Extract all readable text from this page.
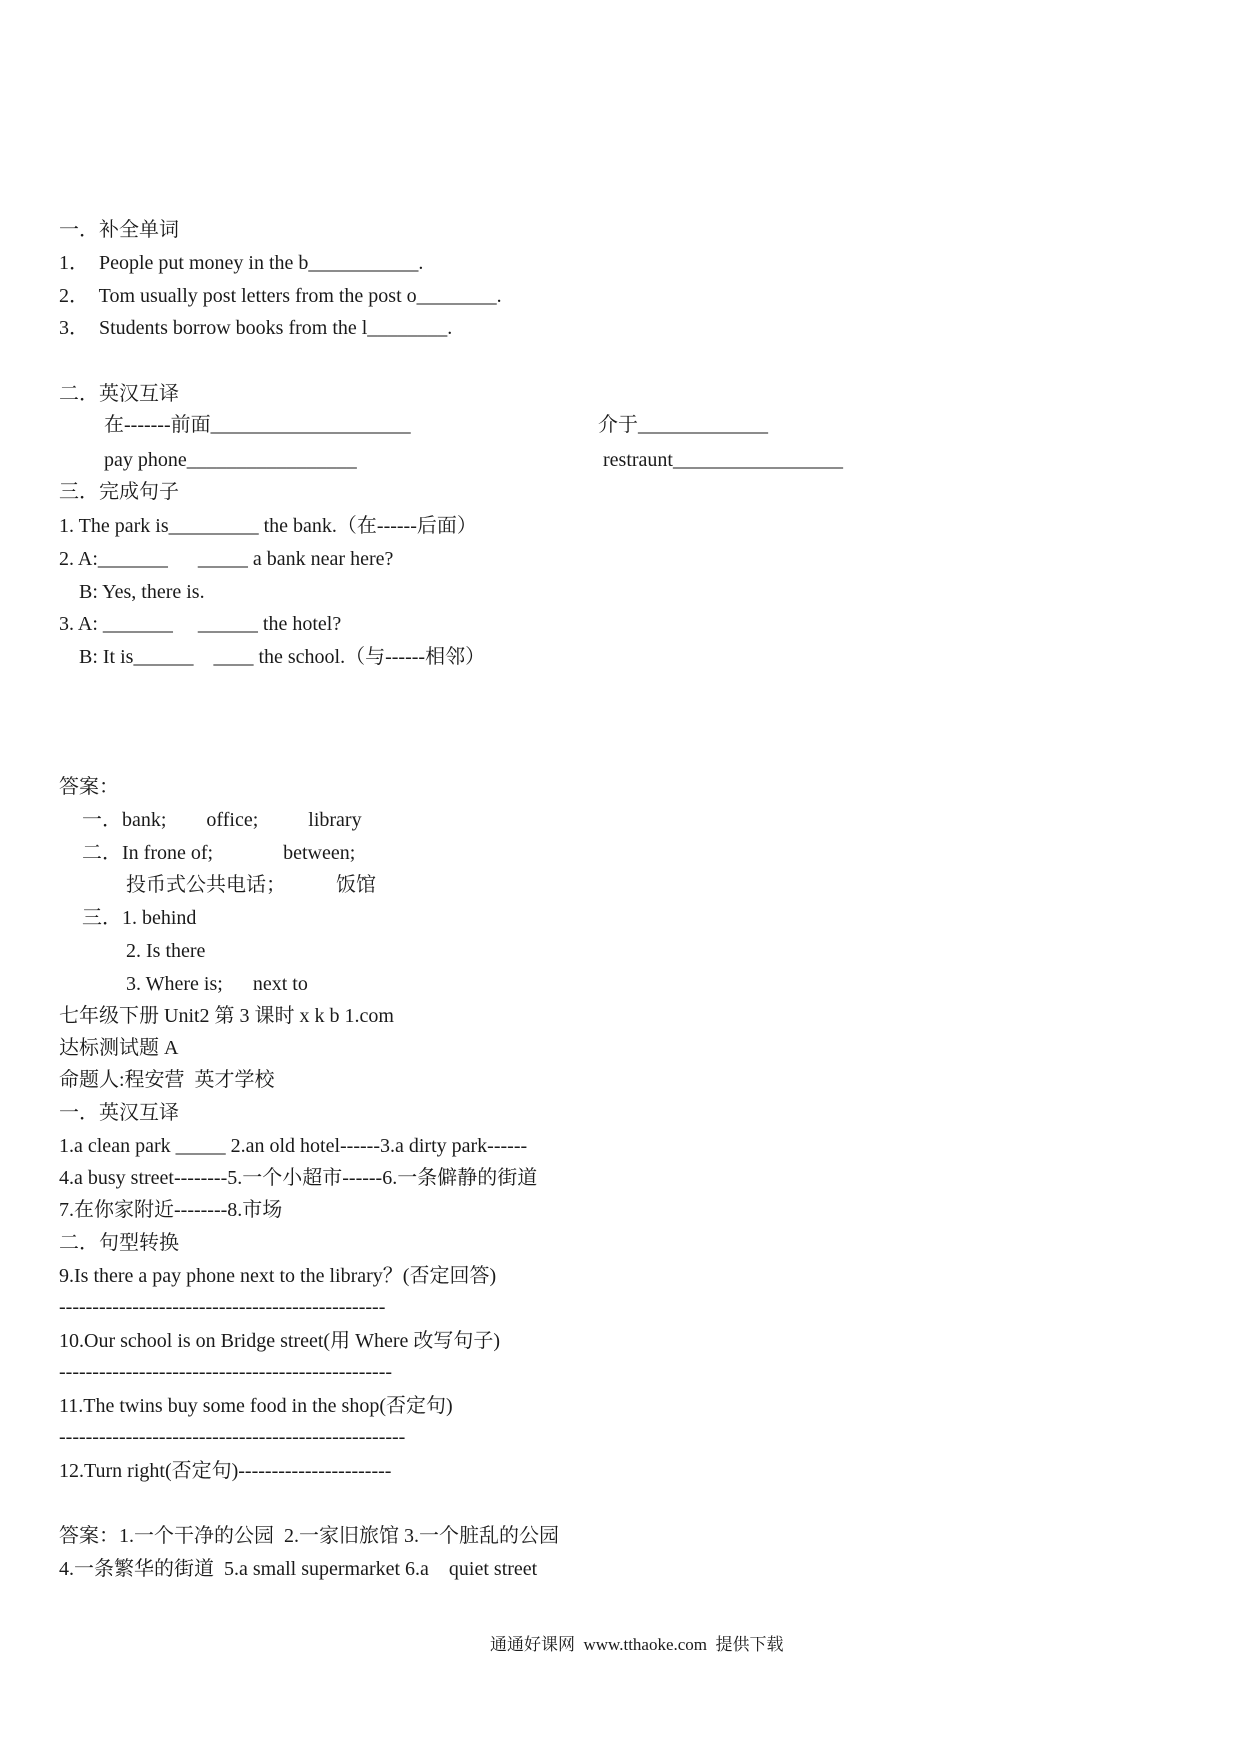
一．补全单词
1．  People put money in the b___________.
2．  Tom usually post letters from the post o________.
3．  Students borrow books from the l________.
二．英汉互译
在-------前面____________________	介于_____________
pay phone_________________	restraunt_________________
三．完成句子
1. The park is_________ the bank.（在------后面）
2. A:_______      _____ a bank near here?
B: Yes, there is.
3. A: _______     ______ the hotel?
B: It is______    ____ the school.（与------相邻）
答案：
一．bank;        office;          library
二．In frone of;              between;
投币式公共电话；          饭馆
三．1. behind
2. Is there
3. Where is;      next to
七年级下册 Unit2 第 3 课时 x k b 1.com
达标测试题 A
命题人:程安营  英才学校
一．英汉互译
1.a clean park _____ 2.an old hotel------3.a dirty park------
4.a busy street--------5.一个小超市------6.一条僻静的街道
7.在你家附近--------8.市场
二．句型转换
9.Is there a pay phone next to the library？(否定回答)
-------------------------------------------------
10.Our school is on Bridge street(用 Where 改写句子)
--------------------------------------------------
11.The twins buy some food in the shop(否定句)
----------------------------------------------------
12.Turn right(否定句)-----------------------
答案：1.一个干净的公园  2.一家旧旅馆 3.一个脏乱的公园
4.一条繁华的街道  5.a small supermarket 6.a    quiet street
通通好课网  www.tthaoke.com  提供下载
